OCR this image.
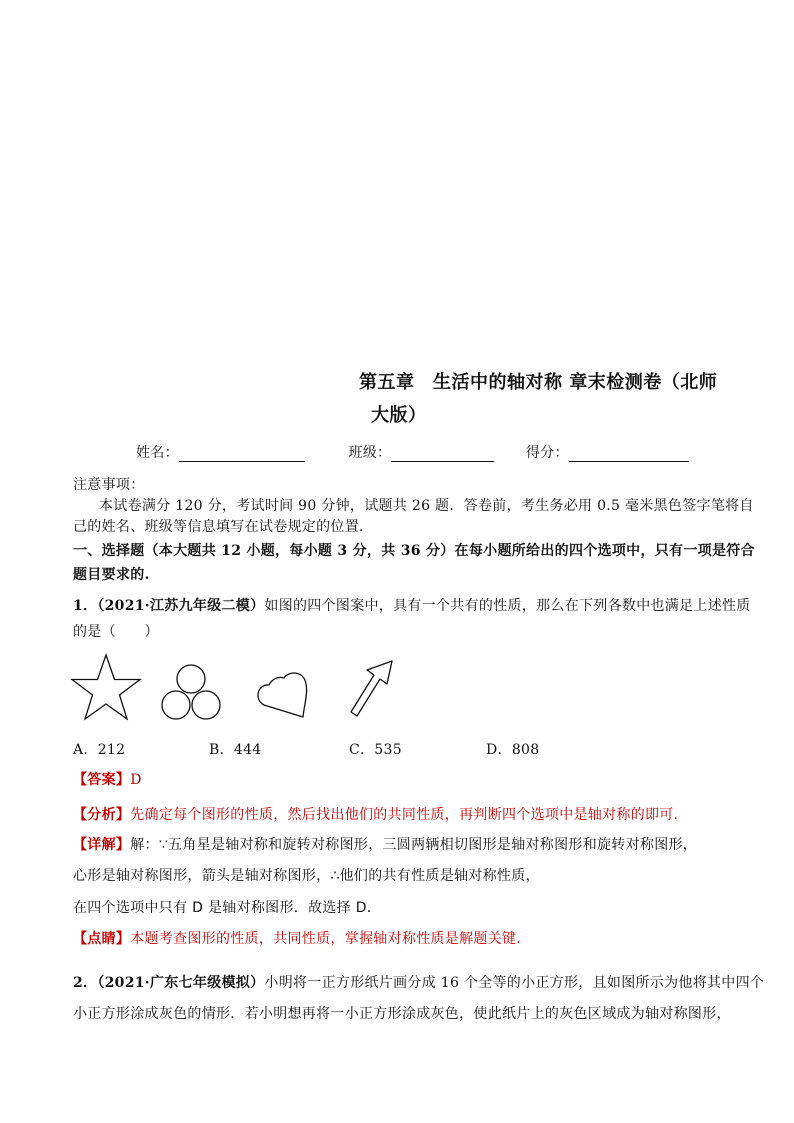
第五章　生活中的轴对称 章末检测卷（北师
大版）
姓名：	班级：	得分：
注意事项：
本试卷满分 120 分，考试时间 90 分钟，试题共 26 题．答卷前，考生务必用 0.5 毫米黑色签字笔将自
己的姓名、班级等信息填写在试卷规定的位置．
一、选择题（本大题共 12 小题，每小题 3 分，共 36 分）在每小题所给出的四个选项中，只有一项是符合
题目要求的.
1．（2021·江苏九年级二模）如图的四个图案中，具有一个共有的性质，那么在下列各数中也满足上述性质
的是（　　）
A．212	B．444	C．535	D．808
【答案】D
【分析】先确定每个图形的性质，然后找出他们的共同性质，再判断四个选项中是轴对称的即可．
【详解】解：∵五角星是轴对称和旋转对称图形，三圆两辆相切图形是轴对称图形和旋转对称图形，
心形是轴对称图形，箭头是轴对称图形，∴他们的共有性质是轴对称性质，
在四个选项中只有 D 是轴对称图形．故选择 D．
【点睛】本题考查图形的性质，共同性质，掌握轴对称性质是解题关键．
2．（2021·广东七年级模拟）小明将一正方形纸片画分成 16 个全等的小正方形，且如图所示为他将其中四个
小正方形涂成灰色的情形．若小明想再将一小正方形涂成灰色，使此纸片上的灰色区域成为轴对称图形，
